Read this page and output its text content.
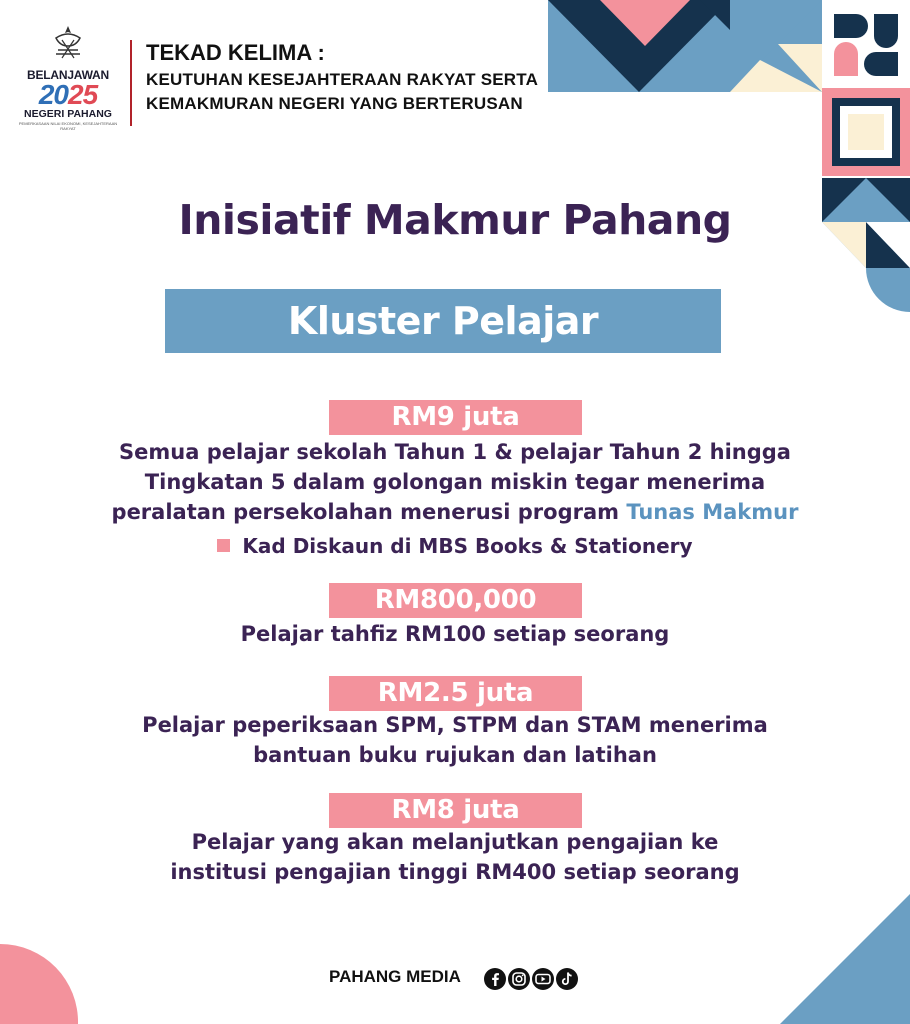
BELANJAWAN
2025
NEGERI PAHANG
PEMERKASAAN NILAI EKONOMI, KESEJAHTERAAN RAKYAT
TEKAD KELIMA :
KEUTUHAN KESEJAHTERAAN RAKYAT SERTA
KEMAKMURAN NEGERI YANG BERTERUSAN
Inisiatif Makmur Pahang
Kluster Pelajar
RM9 juta
Semua pelajar sekolah Tahun 1 & pelajar Tahun 2 hingga
Tingkatan 5 dalam golongan miskin tegar menerima
peralatan persekolahan menerusi program Tunas Makmur
Kad Diskaun di MBS Books & Stationery
RM800,000
Pelajar tahfiz RM100 setiap seorang
RM2.5 juta
Pelajar peperiksaan SPM, STPM dan STAM menerima
bantuan buku rujukan dan latihan
RM8 juta
Pelajar yang akan melanjutkan pengajian ke
institusi pengajian tinggi RM400 setiap seorang
PAHANG MEDIA
